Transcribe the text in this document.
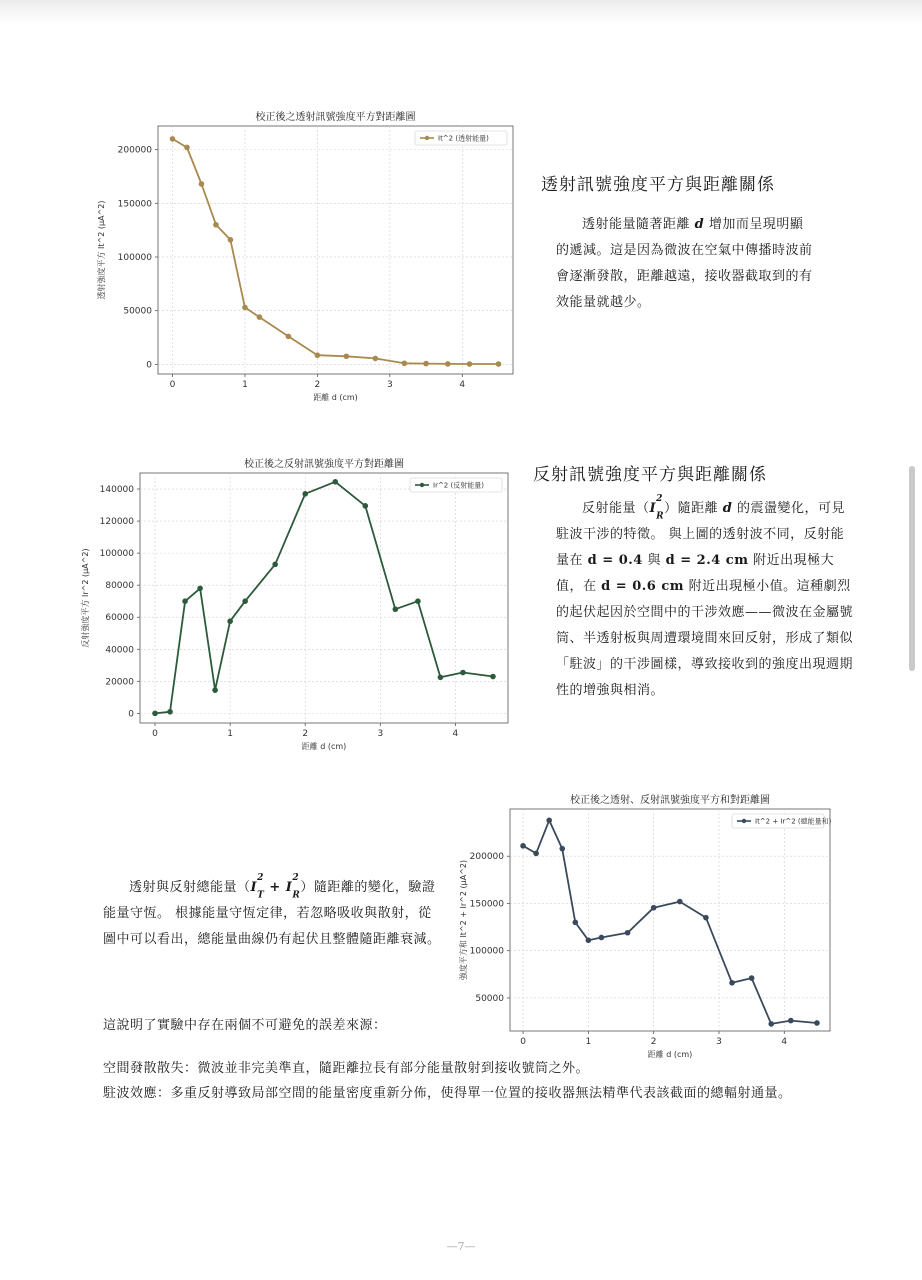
校正後之透射訊號強度平方對距離圖
0	1	2	3	4
0
50000
100000
150000
200000
距離 d (cm)
透射強度平方 It^2 (μA^2)
It^2 (透射能量)
校正後之反射訊號強度平方對距離圖
0	1	2	3	4
0
20000
40000
60000
80000
100000
120000
140000
距離 d (cm)
反射強度平方 Ir^2 (μA^2)
Ir^2 (反射能量)
校正後之透射、反射訊號強度平方和對距離圖
0	1	2	3	4
50000
100000
150000
200000
距離 d (cm)
強度平方和 It^2 + Ir^2 (μA^2)
It^2 + Ir^2 (總能量和)
透射訊號強度平方與距離關係

透射能量隨著距離 d 增加而呈現明顯的遞減。這是因為微波在空氣中傳播時波前會逐漸發散，距離越遠，接收器截取到的有效能量就越少。

反射訊號強度平方與距離關係

反射能量（$I^2$
$_R$）隨距離 d 的震盪變化，可見駐波干涉的特徵。 與上圖的透射波不同，反射能量在 d = 0.4 與 d = 2.4 cm 附近出現極大值，在 d = 0.6 cm 附近出現極小值。這種劇烈的起伏起因於空間中的干涉效應——微波在金屬號筒、半透射板與周遭環境間來回反射，形成了類似「駐波」的干涉圖樣，導致接收到的強度出現週期性的增強與相消。

透射與反射總能量（$I^2$
$_T + I^2$
$_R$）隨距離的變化，驗證能量守恆。 根據能量守恆定律，若忽略吸收與散射，從圖中可以看出，總能量曲線仍有起伏且整體隨距離衰減。

這說明了實驗中存在兩個不可避免的誤差來源：

空間發散散失：微波並非完美準直，隨距離拉長有部分能量散射到接收號筒之外。

駐波效應：多重反射導致局部空間的能量密度重新分佈，使得單一位置的接收器無法精準代表該截面的總輻射通量。

—7—
